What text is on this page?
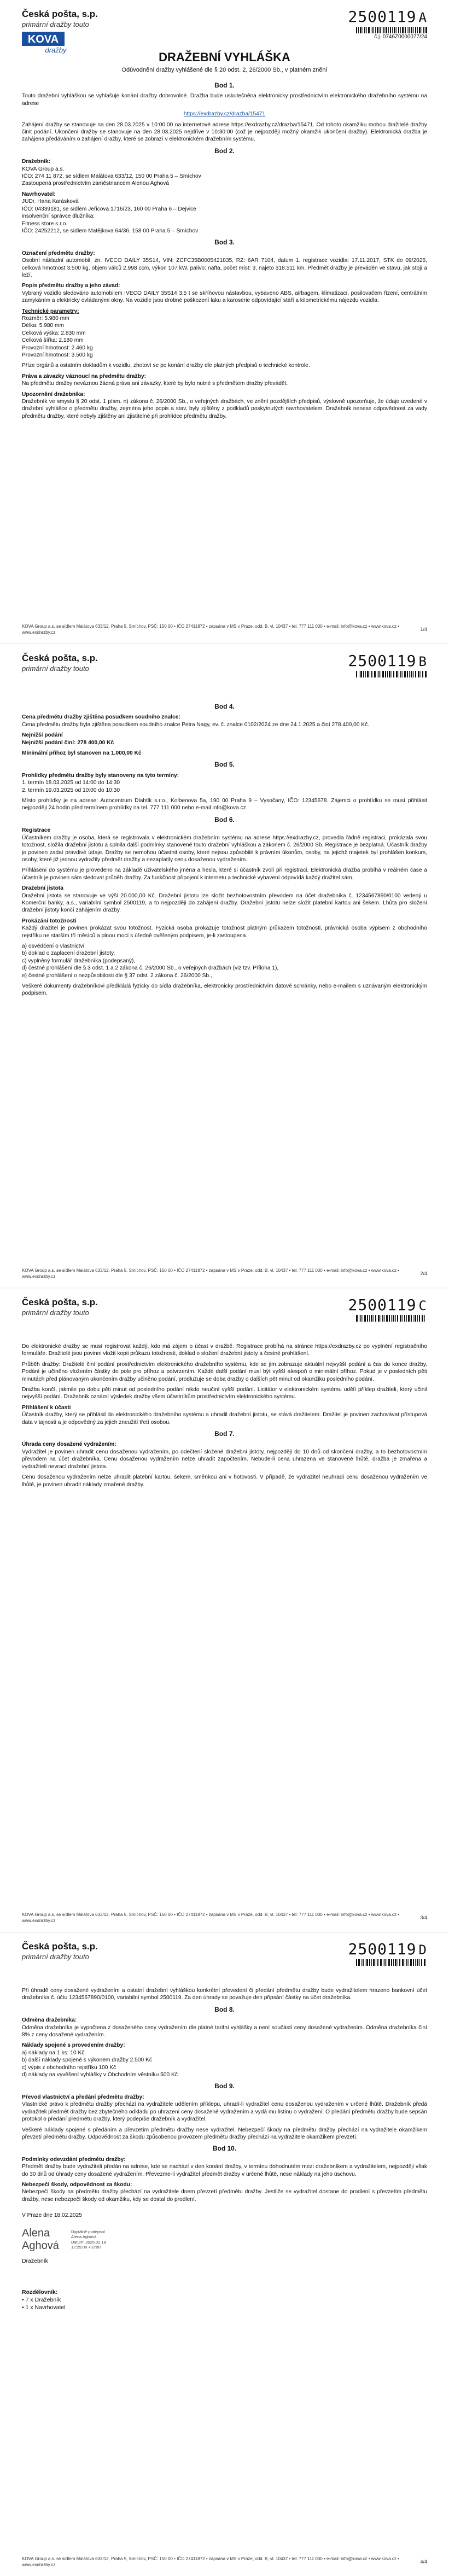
Česká pošta, s.p.
primární dražby touto
KOVA
dražby
2500119 A
č.j. 0746Z0000077/24
DRAŽEBNÍ VYHLÁŠKA
Odůvodnění dražby vyhlášené dle § 20 odst. 2, 26/2000 Sb., v platném znění
Bod 1.

Touto dražební vyhláškou se vyhlašuje konání dražby dobrovolné. Dražba bude uskutečněna elektronicky prostřednictvím elektronického dražebního systému na adrese

https://exdrazby.cz/drazba/15471

Zahájení dražby se stanovuje na den 28.03.2025 v 10:00:00 na internetové adrese https://exdrazby.cz/drazba/15471. Od tohoto okamžiku mohou dražitelé dražby činit podání. Ukončení dražby se stanovuje na den 28.03.2025 nejdříve v 10:30:00 (což je nejpozději možný okamžik ukončení dražby). Elektronická dražba je zahájena předáváním o zahájení dražby, které se zobrazí v elektronickém dražebním systému.

Bod 2.
Dražebník:

KOVA Group a.s.
IČO: 274 11 872, se sídlem Malátova 633/12, 150 00 Praha 5 – Smíchov
Zastoupená prostřednictvím zaměstnancem Alenou Aghová

Navrhovatel:

JUDr. Hana Karásková
IČO: 04339181, se sídlem Jeřicova 1716/23, 160 00 Praha 6 – Dejvice
insolvenční správce dlužníka:
Fitness store s.r.o.
IČO: 24252212, se sídlem Matějkova 64/36, 158 00 Praha 5 – Smíchov

Bod 3.
Označení předmětu dražby:

Osobní nákladní automobil, zn. IVECO DAILY 35S14, VIN: ZCFC35B0005421835, RZ: 6AR 7104, datum 1. registrace vozidla: 17.11.2017, STK do 09/2025, celková hmotnost 3.500 kg, objem válců 2.998 ccm, výkon 107 kW, palivo: nafta, počet míst: 3, najeto 318.511 km. Předmět dražby je převáděn ve stavu, jak stojí a leží.

Popis předmětu dražby a jeho závad:

Vybraný vozidlo sledováno automobilem IVECO DAILY 35S14 3.5 t se skříňovou nástavbou, vybaveno ABS, airbagem, klimatizací, posilovačem řízení, centrálním zamykáním a elektricky ovládanými okny. Na vozidle jsou drobné poškození laku a karoserie odpovídající stáří a kilometrickému nájezdu vozidla.

Technické parametry:
Rozměr: 5.980 mm
Délka: 5.980 mm
Celková výška: 2.830 mm
Celková šířka: 2.180 mm
Provozní hmotnost: 2.460 kg
Provozní hmotnost: 3.500 kg

Příze orgánů a ostatním dokladům k vozidlu, zhotoví se po konání dražby dle platných předpisů o technické kontrole.

Práva a závazky váznoucí na předmětu dražby:

Na předmětu dražby neváznou žádná práva ani závazky, které by bylo nutné s předmětem dražby převádět.

Upozornění dražebníka:

Dražebník ve smyslu § 20 odst. 1 písm. n) zákona č. 26/2000 Sb., o veřejných dražbách, ve znění pozdějších předpisů, výslovně upozorňuje, že údaje uvedené v dražební vyhlášce o předmětu dražby, zejména jeho popis a stav, byly zjištěny z podkladů poskytnutých navrhovatelem. Dražebník nenese odpovědnost za vady předmětu dražby, které nebyly zjištěny ani zjistitelné při prohlídce předmětu dražby.

KOVA Group a.s. se sídlem Malátova 633/12, Praha 5, Smíchov, PSČ: 150 00 • IČO 27411872 • zapsána v MS v Praze, odd. B, vl. 10437 • tel: 777 111 000 • e-mail: info@kova.cz • www.kova.cz • www.exdrazby.cz
1/4
Česká pošta, s.p.
primární dražby touto	2500119 B
Bod 4.
Cena předmětu dražby zjištěna posudkem soudního znalce:

Cena předmětu dražby byla zjištěna posudkem soudního znalce Petra Nagy, ev. č. znalce 0102/2024 ze dne 24.1.2025 a činí 278.400,00 Kč.

Nejnižší podání

Nejnižší podání činí: 278 400,00 Kč

Minimální příhoz byl stanoven na 1.000,00 Kč

Bod 5.
Prohlídky předmětu dražby byly stanoveny na tyto termíny:

1. termín 18.03.2025 od 14:00 do 14:30
2. termín 19.03.2025 od 10:00 do 10:30

Místo prohlídky je na adrese: Autocentrum Dlahtlk s.r.o., Kolbenova 5a, 190 00 Praha 9 – Vysočany, IČO: 12345678. Zájemci o prohlídku se musí přihlásit nejpozději 24 hodin před termínem prohlídky na tel. 777 111 000 nebo e-mail info@kova.cz.

Bod 6.
Registrace

Účastníkem dražby je osoba, která se registrovala v elektronickém dražebním systému na adrese https://exdrazby.cz, provedla řádně registraci, prokázala svou totožnost, složila dražební jistotu a splnila další podmínky stanovené touto dražební vyhláškou a zákonem č. 26/2000 Sb. Registrace je bezplatná. Účastník dražby je povinen zadat pravdivé údaje. Dražby se nemohou účastnit osoby, které nejsou způsobilé k právním úkonům, osoby, na jejichž majetek byl prohlášen konkurs, osoby, které již jednou vydražily předmět dražby a nezaplatily cenu dosaženou vydražením.

Přihlášení do systému je provedeno na základě uživatelského jména a hesla, které si účastník zvolí při registraci. Elektronická dražba probíhá v reálném čase a účastník je povinen sám sledovat průběh dražby. Za funkčnost připojení k internetu a technické vybavení odpovídá každý dražitel sám.

Dražební jistota

Dražební jistota se stanovuje ve výši 20.000,00 Kč. Dražební jistotu lze složit bezhotovostním převodem na účet dražebníka č. 1234567890/0100 vedený u Komerční banky, a.s., variabilní symbol 2500119, a to nejpozději do zahájení dražby. Dražební jistotu nelze složit platební kartou ani šekem. Lhůta pro složení dražební jistoty končí zahájením dražby.

Prokázání totožnosti

Každý dražitel je povinen prokázat svou totožnost. Fyzická osoba prokazuje totožnost platným průkazem totožnosti, právnická osoba výpisem z obchodního rejstříku ne starším tří měsíců a plnou mocí s úředně ověřeným podpisem, je-li zastoupena.

a) osvědčení o vlastnictví
b) doklad o zaplacení dražební jistoty,
c) vyplněný formulář dražebníka (podepsaný),
d) čestné prohlášení dle § 3 odst. 1 a 2 zákona č. 26/2000 Sb., o veřejných dražbách (viz tzv. Příloha 1),
e) čestné prohlášení o nezpůsobilosti dle § 37 odst. 2 zákona č. 26/2000 Sb.,

Veškeré dokumenty dražebníkovi předkládá fyzicky do sídla dražebníka, elektronicky prostřednictvím datové schránky, nebo e-mailem s uznávaným elektronickým podpisem.

KOVA Group a.s. se sídlem Malátova 633/12, Praha 5, Smíchov, PSČ: 150 00 • IČO 27411872 • zapsána v MS v Praze, odd. B, vl. 10437 • tel: 777 111 000 • e-mail: info@kova.cz • www.kova.cz • www.exdrazby.cz
2/4
Česká pošta, s.p.
primární dražby touto	2500119 C

Do elektronické dražby se musí registrovat každý, kdo má zájem o účast v dražbě. Registrace probíhá na stránce https://exdrazby.cz po vyplnění registračního formuláře. Dražitelé jsou povinni vložit kopii průkazu totožnosti, doklad o složení dražební jistoty a čestné prohlášení.

Průběh dražby: Dražitelé činí podání prostřednictvím elektronického dražebního systému, kde se jim zobrazuje aktuální nejvyšší podání a čas do konce dražby. Podání je učiněno vložením částky do pole pro příhoz a potvrzením. Každé další podání musí být vyšší alespoň o minimální příhoz. Pokud je v posledních pěti minutách před plánovaným ukončením dražby učiněno podání, prodlužuje se doba dražby o dalších pět minut od okamžiku posledního podání.

Dražba končí, jakmile po dobu pěti minut od posledního podání nikdo neučiní vyšší podání. Licitátor v elektronickém systému udělí příklep dražiteli, který učinil nejvyšší podání. Dražebník oznámí výsledek dražby všem účastníkům prostřednictvím elektronického systému.

Přihlášení k účasti

Účastník dražby, který se přihlásil do elektronického dražebního systému a uhradil dražební jistotu, se stává dražitelem. Dražitel je povinen zachovávat přístupová data v tajnosti a je odpovědný za jejich zneužití třetí osobou.

Bod 7.
Úhrada ceny dosažené vydražením:

Vydražitel je povinen uhradit cenu dosaženou vydražením, po odečtení složené dražební jistoty, nejpozději do 10 dnů od skončení dražby, a to bezhotovostním převodem na účet dražebníka. Cenu dosaženou vydražením nelze uhradit započtením. Nebude-li cena uhrazena ve stanovené lhůtě, dražba je zmařena a vydražiteli nevrací dražební jistota.

Cenu dosaženou vydražením nelze uhradit platební kartou, šekem, směnkou ani v hotovosti. V případě, že vydražitel neuhradí cenu dosaženou vydražením ve lhůtě, je povinen uhradit náklady zmařené dražby.

KOVA Group a.s. se sídlem Malátova 633/12, Praha 5, Smíchov, PSČ: 150 00 • IČO 27411872 • zapsána v MS v Praze, odd. B, vl. 10437 • tel: 777 111 000 • e-mail: info@kova.cz • www.kova.cz • www.exdrazby.cz
3/4
Česká pošta, s.p.
primární dražby touto	2500119 D

Při úhradě ceny dosažené vydražením a ostatní dražební vyhláškou konkrétní převedení či předání předmětu dražby bude vydražitelem hrazeno bankovní účet dražebníka č. účtu 1234567890/0100, variabilní symbol 2500119. Za den úhrady se považuje den připsání částky na účet dražebníka.

Bod 8.
Odměna dražebníka:

Odměna dražebníka je vypočtena z dosaženého ceny vydražením dle platné tarifní vyhlášky a není součástí ceny dosažené vydražením. Odměna dražebníka činí 8% z ceny dosažené vydražením.

Náklady spojené s provedením dražby:
a) náklady na 1 ks: 10 Kč
b) další náklady spojené s výkonem dražby 2.500 Kč
c) výpis z obchodního rejstříku 100 Kč
d) náklady na vyvěšení vyhlášky v Obchodním věstníku 500 Kč
Bod 9.
Převod vlastnictví a předání předmětu dražby:

Vlastnické právo k předmětu dražby přechází na vydražitele udělením příklepu, uhradí-li vydražitel cenu dosaženou vydražením v určené lhůtě. Dražebník předá vydražiteli předmět dražby bez zbytečného odkladu po uhrazení ceny dosažené vydražením a vydá mu listinu o vydražení. O předání předmětu dražby bude sepsán protokol o předání předmětu dražby, který podepíše dražebník a vydražitel.

Veškeré náklady spojené s předáním a převzetím předmětu dražby nese vydražitel. Nebezpečí škody na předmětu dražby přechází na vydražitele okamžikem převzetí předmětu dražby. Odpovědnost za škodu způsobenou provozem předmětu dražby přechází na vydražitele okamžikem převzetí.

Bod 10.
Podmínky odevzdání předmětu dražby:

Předmět dražby bude vydražiteli předán na adrese, kde se nachází v den konání dražby, v termínu dohodnutém mezi dražebníkem a vydražitelem, nejpozději však do 30 dnů od úhrady ceny dosažené vydražením. Převezme-li vydražitel předmět dražby v určené lhůtě, nese náklady na jeho úschovu.

Nebezpečí škody, odpovědnost za škodu:

Nebezpečí škody na předmětu dražby přechází na vydražitele dnem převzetí předmětu dražby. Jestliže se vydražitel dostane do prodlení s převzetím předmětu dražby, nese nebezpečí škody od okamžiku, kdy se dostal do prodlení.

V Praze dne 18.02.2025

Alena
Aghová
Digitálně podepsal
Alena Aghová
Datum: 2025.02.18
12:25:08 +01'00'
Dražebník
Rozdělovník:
• 7 x Dražebník
• 1 x Navrhovatel
KOVA Group a.s. se sídlem Malátova 633/12, Praha 5, Smíchov, PSČ: 150 00 • IČO 27411872 • zapsána v MS v Praze, odd. B, vl. 10437 • tel: 777 111 000 • e-mail: info@kova.cz • www.kova.cz • www.exdrazby.cz
4/4
